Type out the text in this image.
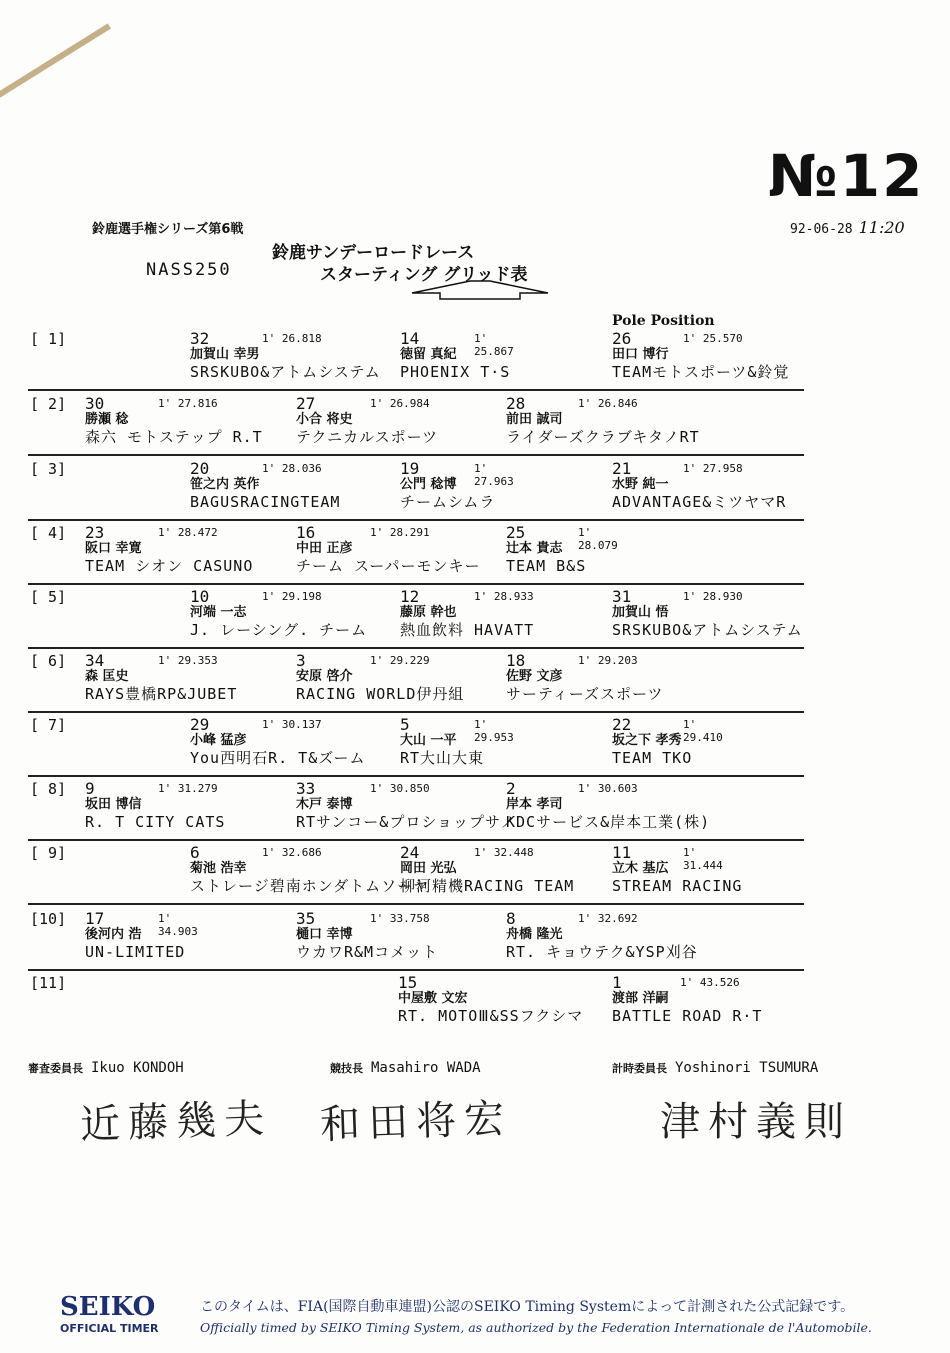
№12
鈴鹿選手権シリーズ第6戦	92-06-28 11:20
鈴鹿サンデーロードレース
NASS250	スターティング グリッド表
Pole Position
[ 1]	32	1' 26.818
加賀山 幸男
SRSKUBO&アトムシステム
14	1' 25.867
徳留 真紀
PHOENIX T·S
26	1' 25.570
田口 博行
TEAMモトスポーツ&鈴覚
[ 2] 30	1' 27.816
勝瀬 稔
森六 モトステップ R.T
27	1' 26.984
小合 将史
テクニカルスポーツ
28	1' 26.846
前田 誠司
ライダーズクラブキタノRT
[ 3]	20	1' 28.036
笹之内 英作
BAGUSRACINGTEAM
19	1' 27.963
公門 稔博
チームシムラ
21	1' 27.958
水野 純一
ADVANTAGE&ミツヤマR
[ 4] 23	1' 28.472
阪口 幸寛
TEAM シオン CASUNO
16	1' 28.291
中田 正彦
チーム スーパーモンキー
25	1' 28.079
辻本 貴志
TEAM B&S
[ 5]	10	1' 29.198
河端 一志
J. レーシング. チーム
12	1' 28.933
藤原 幹也
熱血飲料 HAVATT
31	1' 28.930
加賀山 悟
SRSKUBO&アトムシステム
[ 6] 34	1' 29.353
森 匡史
RAYS豊橋RP&JUBET
3	1' 29.229
安原 啓介
RACING WORLD伊丹組
18	1' 29.203
佐野 文彦
サーティーズスポーツ
[ 7]	29	1' 30.137
小峰 猛彦
You西明石R. T&ズーム
5	1' 29.953
大山 一平
RT大山大東
22	1' 29.410
坂之下 孝秀
TEAM TKO
[ 8] 9	1' 31.279
坂田 博信
R. T CITY CATS
33	1' 30.850
木戸 泰博
RTサンコー&プロショップサノ
2	1' 30.603
岸本 孝司
KDCサービス&岸本工業(株)
[ 9]	6	1' 32.686
菊池 浩幸
ストレージ碧南ホンダトムソーヤ
24	1' 32.448
岡田 光弘
柳河精機RACING TEAM
11	1' 31.444
立木 基広
STREAM RACING
[10] 17	1' 34.903
後河内 浩
UN-LIMITED
35	1' 33.758
樋口 幸博
ウカワR&Mコメット
8	1' 32.692
舟橋 隆光
RT. キョウテク&YSP刈谷
[11]	15
中屋敷 文宏
RT. MOTOⅢ&SSフクシマ
1	1' 43.526
渡部 洋嗣
BATTLE ROAD R·T
審査委員長 Ikuo KONDOH
近藤幾夫
競技長 Masahiro WADA
和田将宏
計時委員長 Yoshinori TSUMURA
津村義則
SEIKO
OFFICIAL TIMER
このタイムは、FIA(国際自動車連盟)公認のSEIKO Timing Systemによって計測された公式記録です。
Officially timed by SEIKO Timing System, as authorized by the Federation Internationale de l'Automobile.
